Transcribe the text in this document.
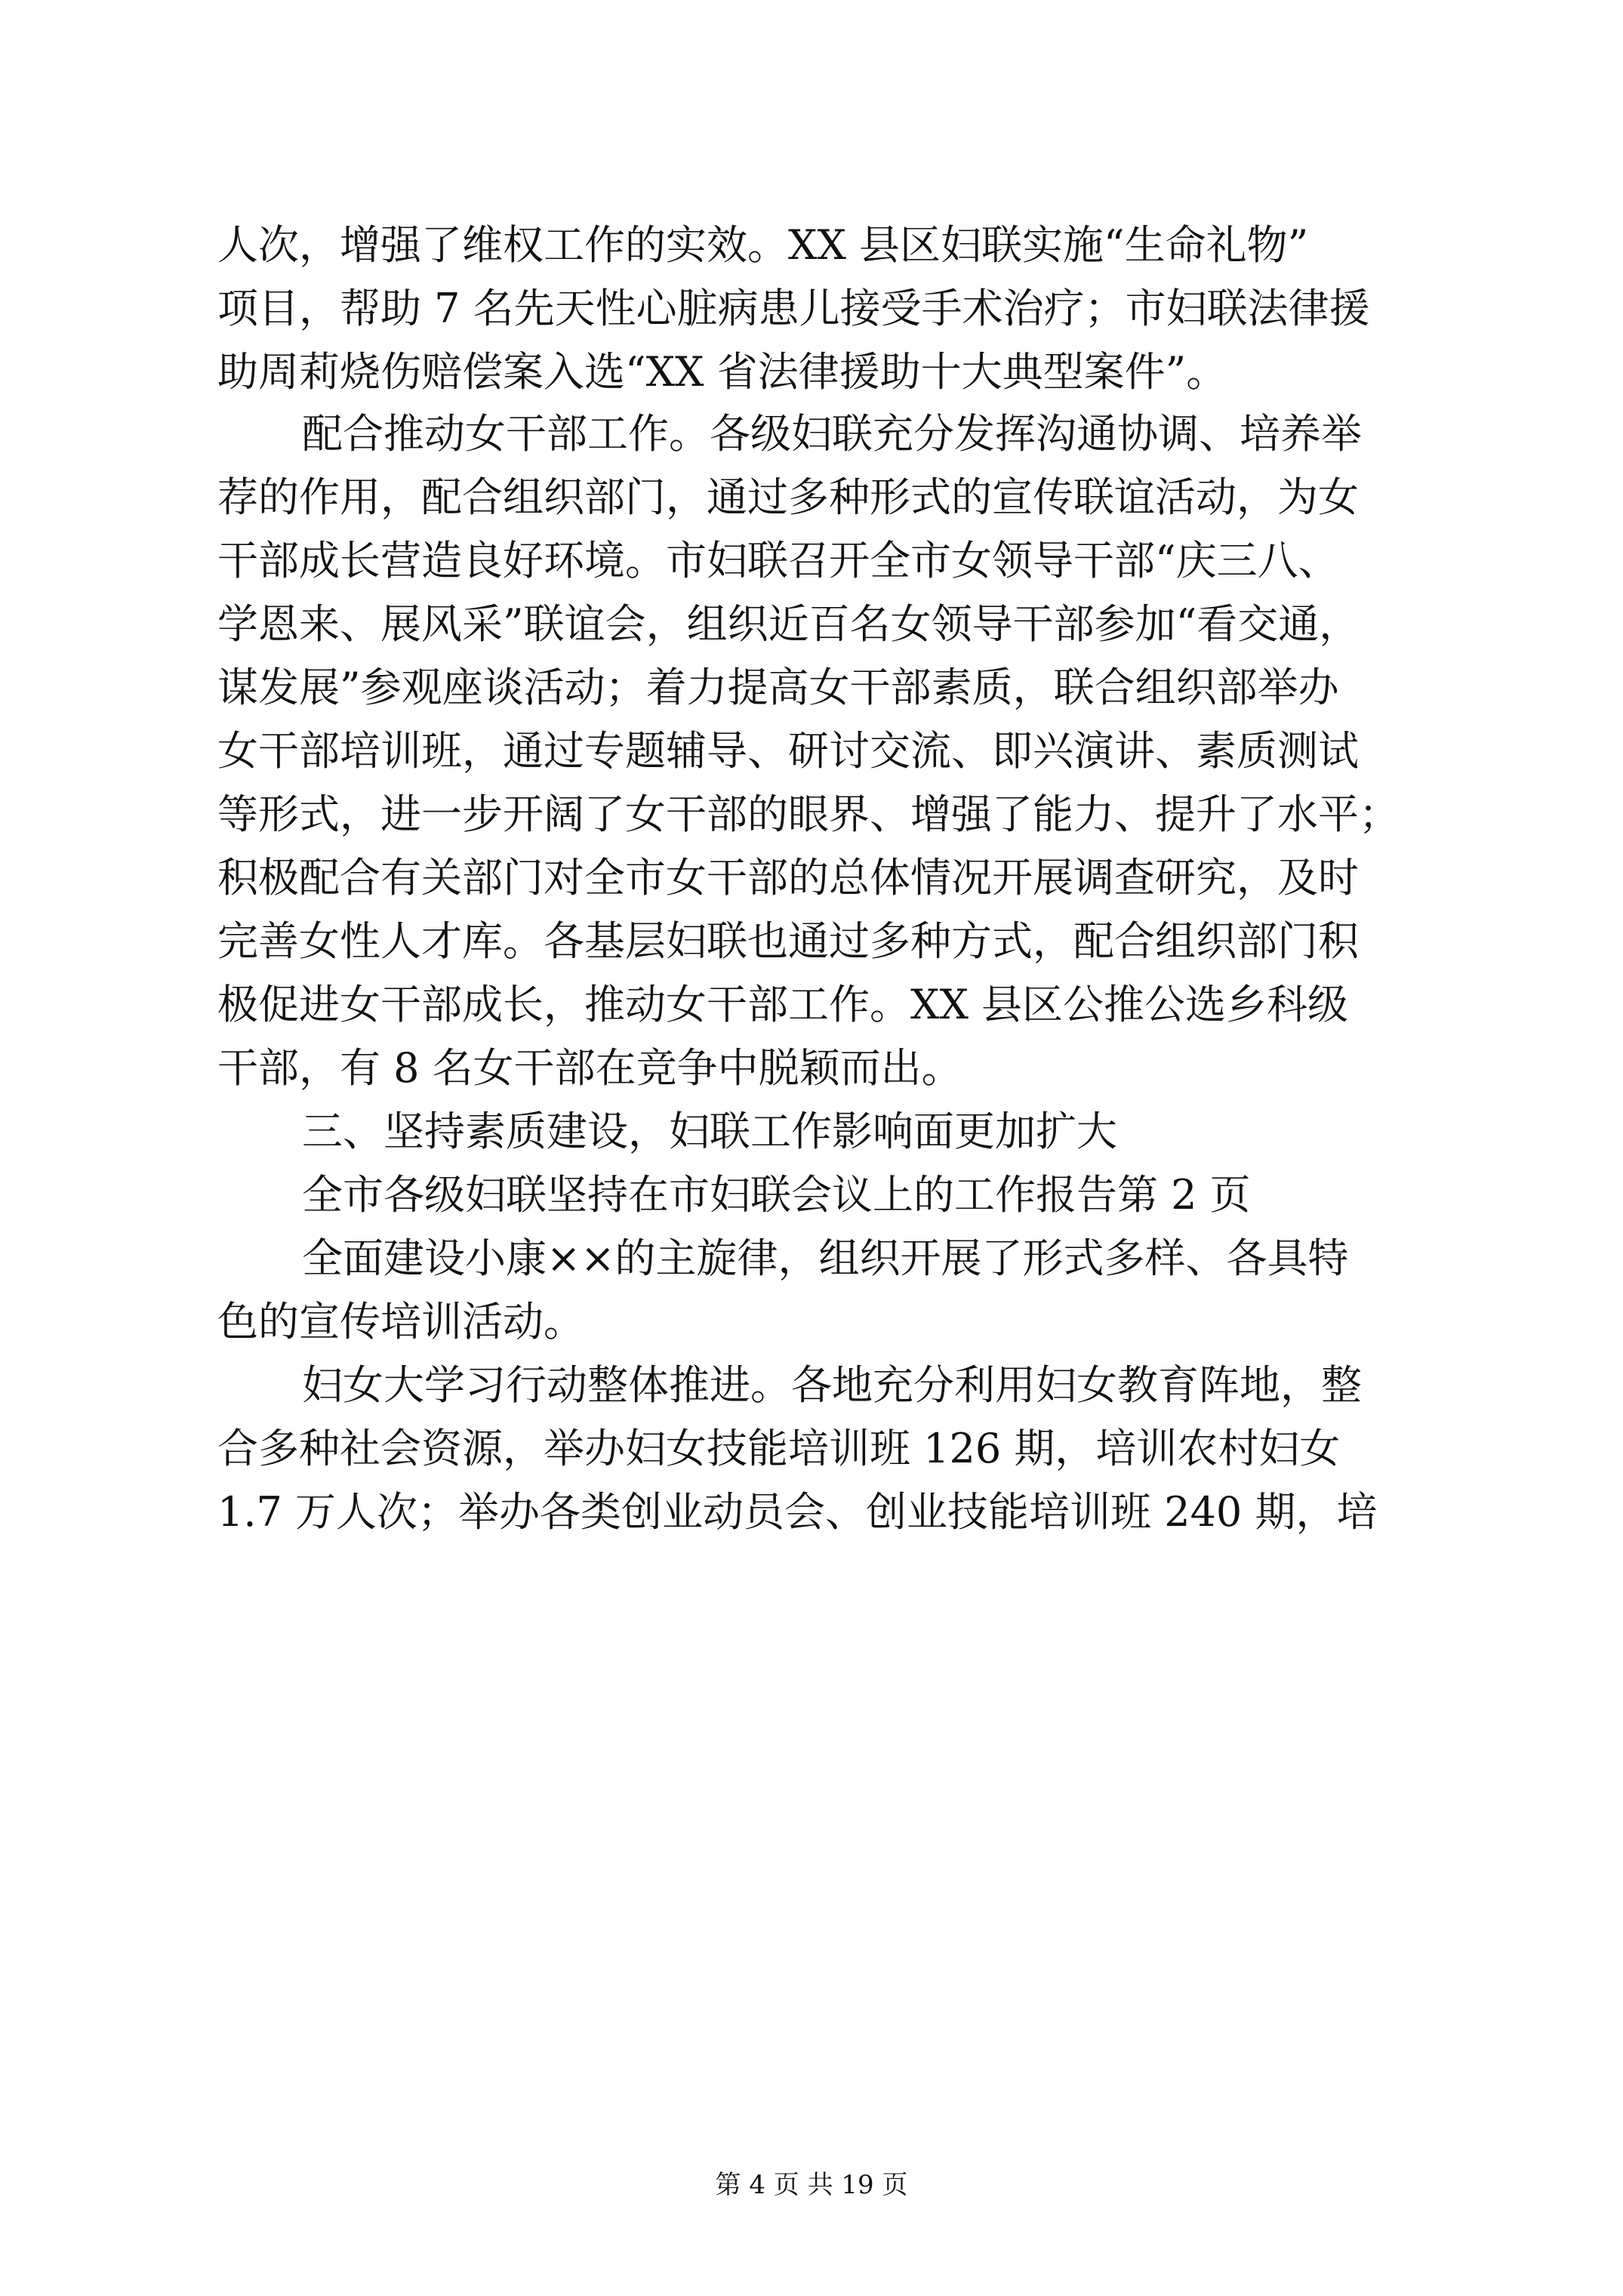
人次，增强了维权工作的实效。XX 县区妇联实施“生命礼物”
项目，帮助 7 名先天性心脏病患儿接受手术治疗；市妇联法律援
助周莉烧伤赔偿案入选“XX 省法律援助十大典型案件”。
配合推动女干部工作。各级妇联充分发挥沟通协调、培养举
荐的作用，配合组织部门，通过多种形式的宣传联谊活动，为女
干部成长营造良好环境。市妇联召开全市女领导干部“庆三八、
学恩来、展风采”联谊会，组织近百名女领导干部参加“看交通，
谋发展”参观座谈活动；着力提高女干部素质，联合组织部举办
女干部培训班，通过专题辅导、研讨交流、即兴演讲、素质测试
等形式，进一步开阔了女干部的眼界、增强了能力、提升了水平；
积极配合有关部门对全市女干部的总体情况开展调查研究，及时
完善女性人才库。各基层妇联也通过多种方式，配合组织部门积
极促进女干部成长，推动女干部工作。XX 县区公推公选乡科级
干部，有 8 名女干部在竞争中脱颖而出。
三、坚持素质建设，妇联工作影响面更加扩大
全市各级妇联坚持在市妇联会议上的工作报告第 2 页
全面建设小康××的主旋律，组织开展了形式多样、各具特
色的宣传培训活动。
妇女大学习行动整体推进。各地充分利用妇女教育阵地，整
合多种社会资源，举办妇女技能培训班 126 期，培训农村妇女
1.7 万人次；举办各类创业动员会、创业技能培训班 240 期，培
第 4 页 共 19 页
